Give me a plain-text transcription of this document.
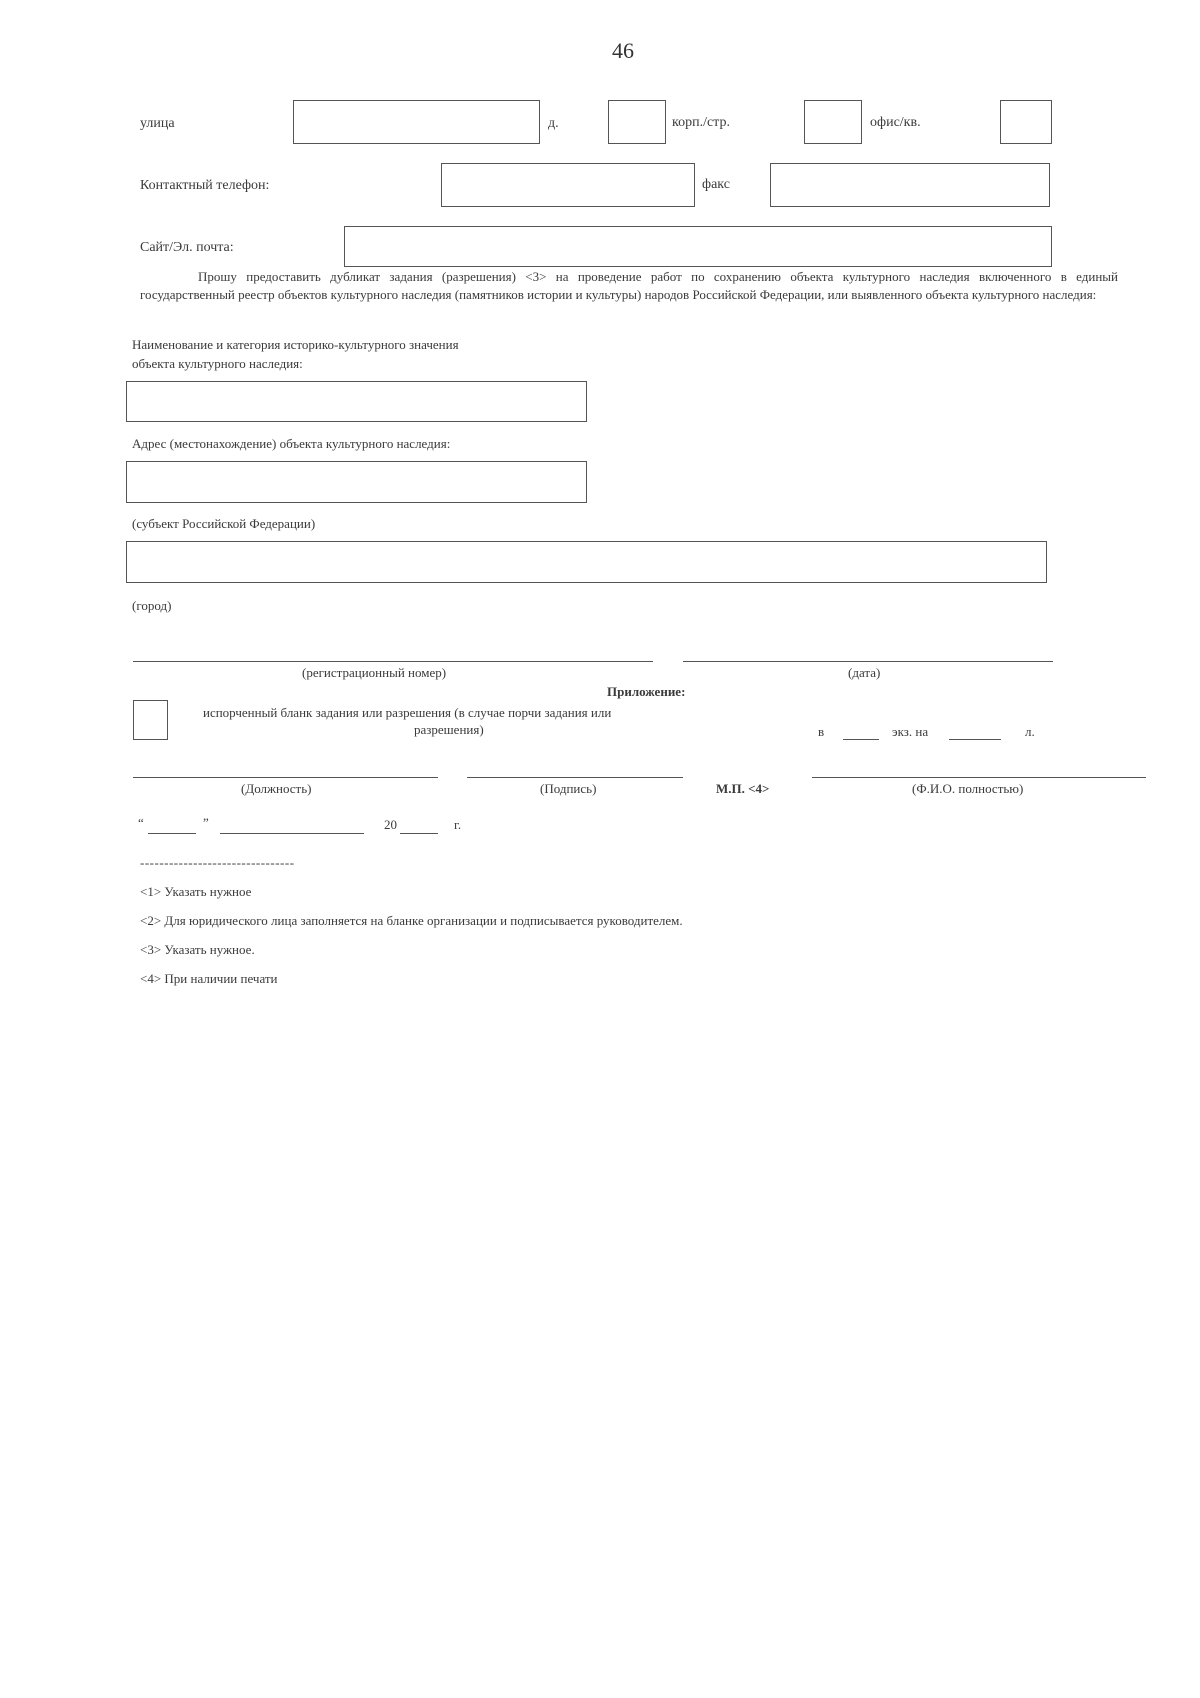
46
улица	д.	корп./стр.	офис/кв.
Контактный телефон:	факс
Сайт/Эл. почта:

Прошу предоставить дубликат задания (разрешения) <3> на проведение работ по сохранению объекта культурного наследия включенного в единый государственный реестр объектов культурного наследия (памятников истории и культуры) народов Российской Федерации, или выявленного объекта культурного наследия:

Наименование и категория историко-культурного значения
объекта культурного наследия:
Адрес (местонахождение) объекта культурного наследия:
(субъект Российской Федерации)
(город)
(регистрационный номер)	(дата)
Приложение:
испорченный бланк задания или разрешения (в случае порчи задания или
разрешения)	в	экз. на	л.
(Должность)	(Подпись)	М.П. <4>	(Ф.И.О. полностью)
“	”	20	г.
--------------------------------
<1> Указать нужное
<2> Для юридического лица заполняется на бланке организации и подписывается руководителем.
<3> Указать нужное.
<4> При наличии печати
